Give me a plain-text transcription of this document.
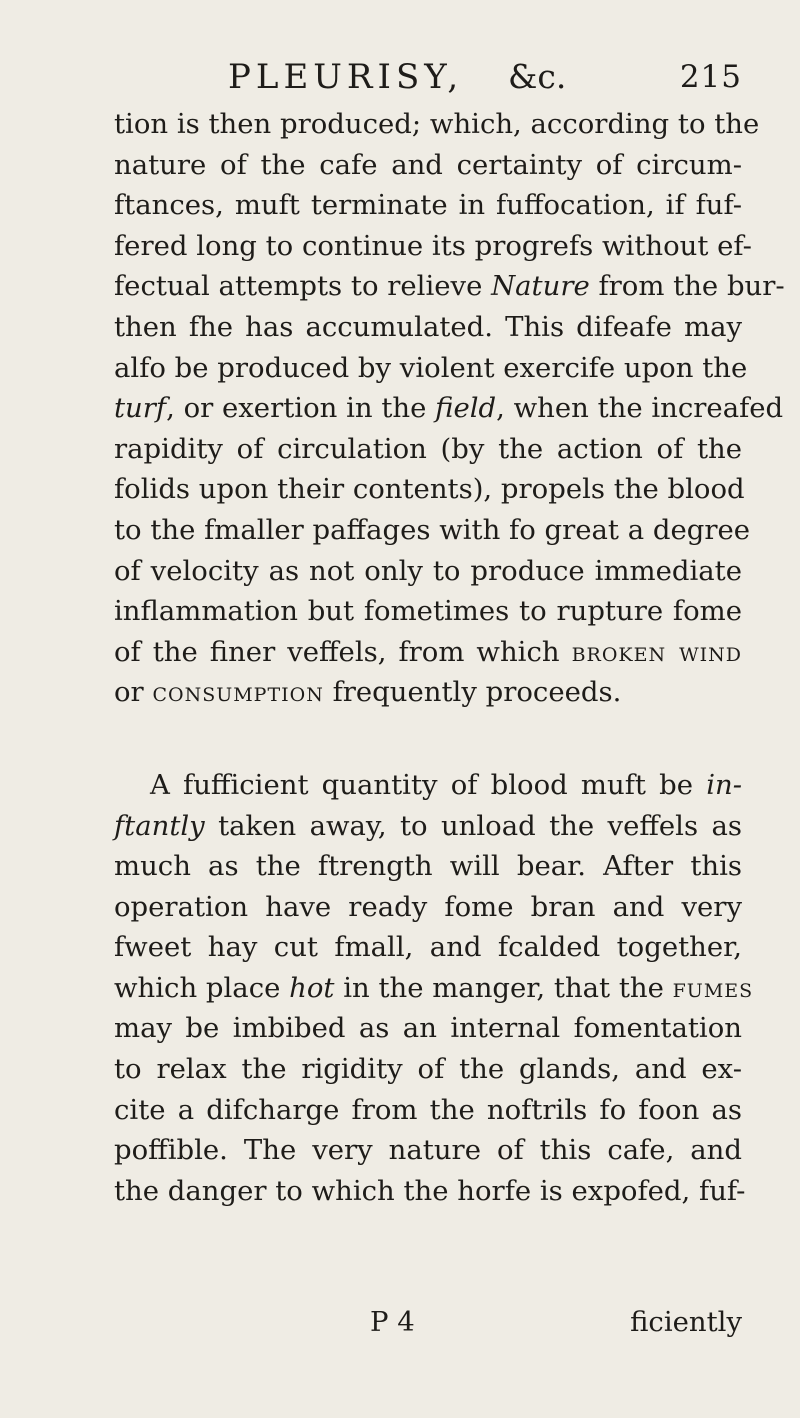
PLEURISY, &c.	215
tion is then produced; which, according to the
nature of the cafe and certainty of circum-
ftances, muft terminate in fuffocation, if fuf-
fered long to continue its progrefs without ef-
fectual attempts to relieve Nature from the bur-
then fhe has accumulated. This difeafe may
alfo be produced by violent exercife upon the
turf, or exertion in the field, when the increafed
rapidity of circulation (by the action of the
folids upon their contents), propels the blood
to the fmaller paffages with fo great a degree
of velocity as not only to produce immediate
inflammation but fometimes to rupture fome
of the finer veffels, from which broken wind
or consumption frequently proceeds.
A fufficient quantity of blood muft be in-
ftantly taken away, to unload the veffels as
much as the ftrength will bear. After this
operation have ready fome bran and very
fweet hay cut fmall, and fcalded together,
which place hot in the manger, that the fumes
may be imbibed as an internal fomentation
to relax the rigidity of the glands, and ex-
cite a difcharge from the noftrils fo foon as
poffible. The very nature of this cafe, and
the danger to which the horfe is expofed, fuf-
P 4	ficiently
